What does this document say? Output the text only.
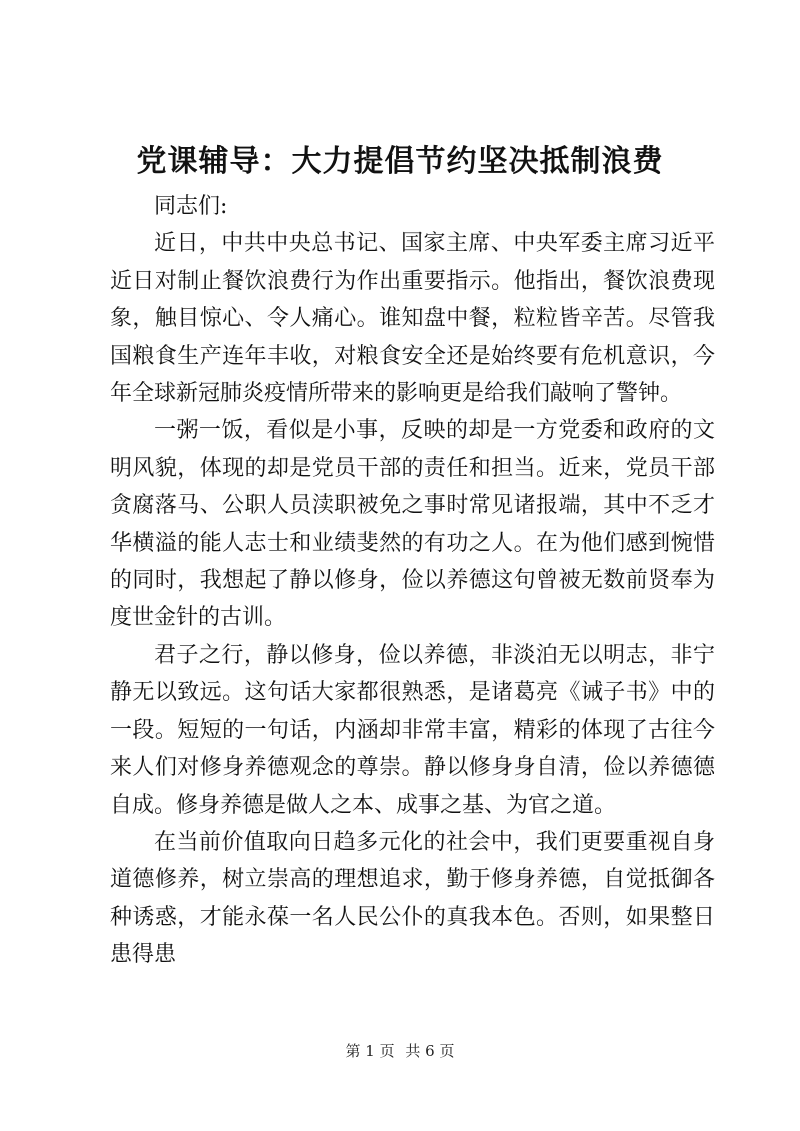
党课辅导：大力提倡节约坚决抵制浪费

同志们:

近日，中共中央总书记、国家主席、中央军委主席习近平近日对制止餐饮浪费行为作出重要指示。他指出，餐饮浪费现象，触目惊心、令人痛心。谁知盘中餐，粒粒皆辛苦。尽管我国粮食生产连年丰收，对粮食安全还是始终要有危机意识，今年全球新冠肺炎疫情所带来的影响更是给我们敲响了警钟。

一粥一饭，看似是小事，反映的却是一方党委和政府的文明风貌，体现的却是党员干部的责任和担当。近来，党员干部贪腐落马、公职人员渎职被免之事时常见诸报端，其中不乏才华横溢的能人志士和业绩斐然的有功之人。在为他们感到惋惜的同时，我想起了静以修身，俭以养德这句曾被无数前贤奉为度世金针的古训。

君子之行，静以修身，俭以养德，非淡泊无以明志，非宁静无以致远。这句话大家都很熟悉，是诸葛亮《诫子书》中的一段。短短的一句话，内涵却非常丰富，精彩的体现了古往今来人们对修身养德观念的尊崇。静以修身身自清，俭以养德德自成。修身养德是做人之本、成事之基、为官之道。

在当前价值取向日趋多元化的社会中，我们更要重视自身道德修养，树立崇高的理想追求，勤于修身养德，自觉抵御各种诱惑，才能永葆一名人民公仆的真我本色。否则，如果整日患得患

第 1 页 共 6 页
